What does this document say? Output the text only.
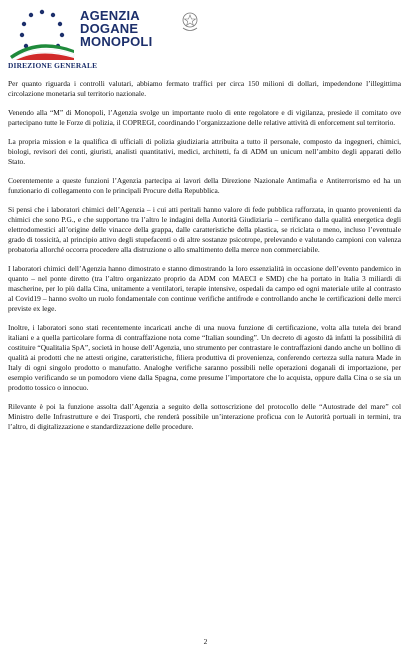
AGENZIA
DOGANE
MONOPOLI
DIREZIONE GENERALE

Per quanto riguarda i controlli valutari, abbiamo fermato traffici per circa 150 milioni di dollari, impedendone l’illegittima circolazione monetaria sul territorio nazionale.

Venendo alla “M” di Monopoli, l’Agenzia svolge un importante ruolo di ente regolatore e di vigilanza, presiede il comitato ove partecipano tutte le Forze di polizia, il COPREGI, coordinando l’organizzazione delle relative attività di enforcement sul territorio.

La propria mission e la qualifica di ufficiali di polizia giudiziaria attribuita a tutto il personale, composto da ingegneri, chimici, biologi, revisori dei conti, giuristi, analisti quantitativi, medici, architetti, fa di ADM un unicum nell’ambito degli apparati dello Stato.

Coerentemente a queste funzioni l’Agenzia partecipa ai lavori della Direzione Nazionale Antimafia e Antiterrorismo ed ha un funzionario di collegamento con le principali Procure della Repubblica.

Si pensi che i laboratori chimici dell’Agenzia – i cui atti peritali hanno valore di fede pubblica rafforzata, in quanto provenienti da chimici che sono P.G., e che supportano tra l’altro le indagini della Autorità Giudiziaria – certificano dalla qualità energetica degli elettrodomestici all’origine delle vinacce della grappa, dalle caratteristiche della plastica, se riciclata o meno, incluso l’eventuale grado di tossicità, al principio attivo degli stupefacenti o di altre sostanze psicotrope, prelevando e valutando campioni con valenza probatoria allorché occorra procedere alla distruzione o allo smaltimento della merce non commerciabile.

I laboratori chimici dell’Agenzia hanno dimostrato e stanno dimostrando la loro essenzialità in occasione dell’evento pandemico in quanto – nel ponte diretto (tra l’altro organizzato proprio da ADM con MAECI e SMD) che ha portato in Italia 3 miliardi di mascherine, per lo più dalla Cina, unitamente a ventilatori, terapie intensive, ospedali da campo ed ogni materiale utile al contrasto al Covid19 – hanno svolto un ruolo fondamentale con continue verifiche antifrode e controllando anche le certificazioni delle merci previste ex lege.

Inoltre, i laboratori sono stati recentemente incaricati anche di una nuova funzione di certificazione, volta alla tutela dei brand italiani e a quella particolare forma di contraffazione nota come “Italian sounding”. Un decreto di agosto dà infatti la possibilità di costituire “Qualitalia SpA”, società in house dell’Agenzia, uno strumento per contrastare le contraffazioni dando anche un bollino di qualità ai prodotti che ne attesti origine, caratteristiche, filiera produttiva di provenienza, conferendo certezza sulla natura Made in Italy di ogni singolo prodotto o manufatto. Analoghe verifiche saranno possibili nelle operazioni doganali di importazione, per esempio verificando se un pomodoro viene dalla Spagna, come presume l’importatore che lo acquista, oppure dalla Cina o se sia un prodotto tossico o innocuo.

Rilevante è poi la funzione assolta dall’Agenzia a seguito della sottoscrizione del protocollo delle “Autostrade del mare” col Ministro delle Infrastrutture e dei Trasporti, che renderà possibile un’interazione proficua con le Autorità portuali in termini, tra l’altro, di digitalizzazione e standardizzazione delle procedure.

2
